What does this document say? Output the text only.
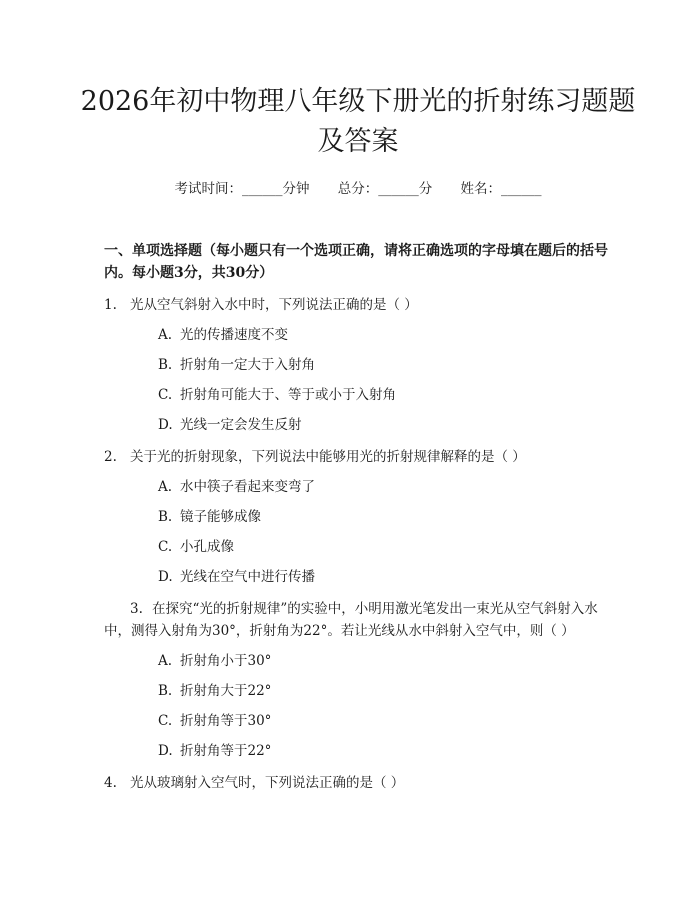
2026年初中物理八年级下册光的折射练习题题及答案
考试时间：______分钟 总分：______分 姓名：______
一、单项选择题（每小题只有一个选项正确，请将正确选项的字母填在题后的括号内。每小题3分，共30分）
1. 光从空气斜射入水中时，下列说法正确的是（ ）
A. 光的传播速度不变
B. 折射角一定大于入射角
C. 折射角可能大于、等于或小于入射角
D. 光线一定会发生反射
2. 关于光的折射现象，下列说法中能够用光的折射规律解释的是（ ）
A. 水中筷子看起来变弯了
B. 镜子能够成像
C. 小孔成像
D. 光线在空气中进行传播
3. 在探究“光的折射规律”的实验中，小明用激光笔发出一束光从空气斜射入水中，测得入射角为30°，折射角为22°。若让光线从水中斜射入空气中，则（ ）
A. 折射角小于30°
B. 折射角大于22°
C. 折射角等于30°
D. 折射角等于22°
4. 光从玻璃射入空气时，下列说法正确的是（ ）
